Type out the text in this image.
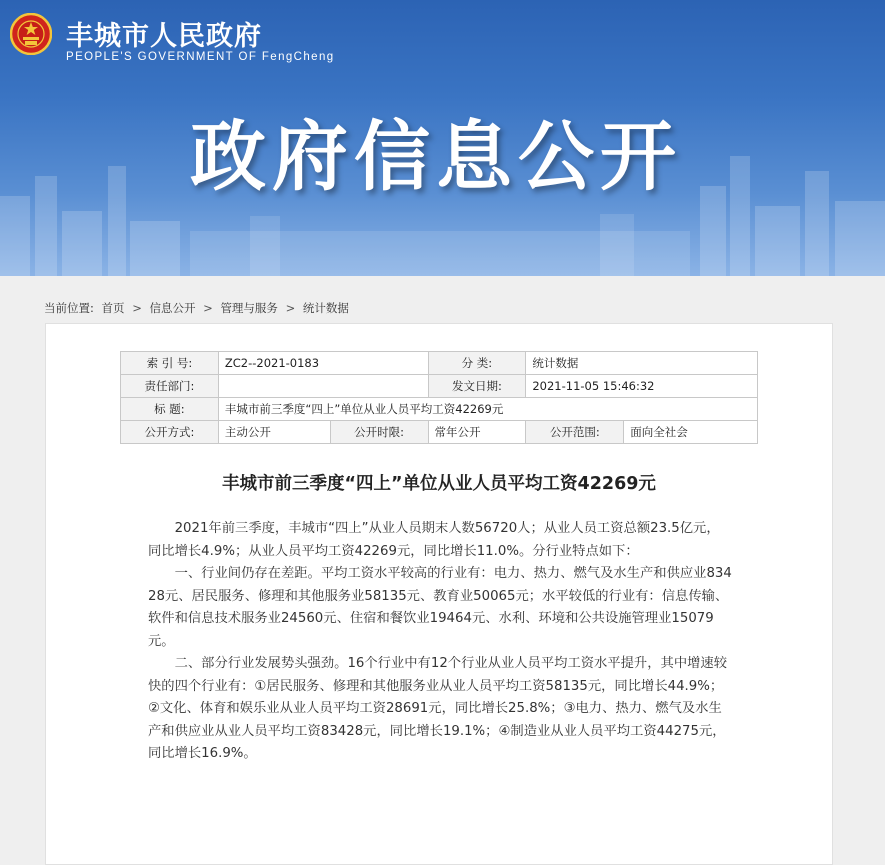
丰城市人民政府
PEOPLE'S GOVERNMENT OF FengCheng
政府信息公开
当前位置: 首页 > 信息公开 > 管理与服务 > 统计数据
索 引 号:	ZC2--2021-0183		分 类:	统计数据	
责任部门:			发文日期:	2021-11-05 15:46:32	
标 题:	丰城市前三季度“四上”单位从业人员平均工资42269元				
公开方式:	主动公开	公开时限:	常年公开	公开范围:	面向全社会
丰城市前三季度“四上”单位从业人员平均工资42269元

2021年前三季度，丰城市“四上”从业人员期末人数56720人；从业人员工资总额23.5亿元，同比增长4.9%；从业人员平均工资42269元，同比增长11.0%。分行业特点如下：

一、行业间仍存在差距。平均工资水平较高的行业有：电力、热力、燃气及水生产和供应业83428元、居民服务、修理和其他服务业58135元、教育业50065元；水平较低的行业有：信息传输、软件和信息技术服务业24560元、住宿和餐饮业19464元、水利、环境和公共设施管理业15079元。

二、部分行业发展势头强劲。16个行业中有12个行业从业人员平均工资水平提升，其中增速较快的四个行业有：①居民服务、修理和其他服务业从业人员平均工资58135元，同比增长44.9%；②文化、体育和娱乐业从业人员平均工资28691元，同比增长25.8%；③电力、热力、燃气及水生产和供应业从业人员平均工资83428元，同比增长19.1%；④制造业从业人员平均工资44275元，同比增长16.9%。
